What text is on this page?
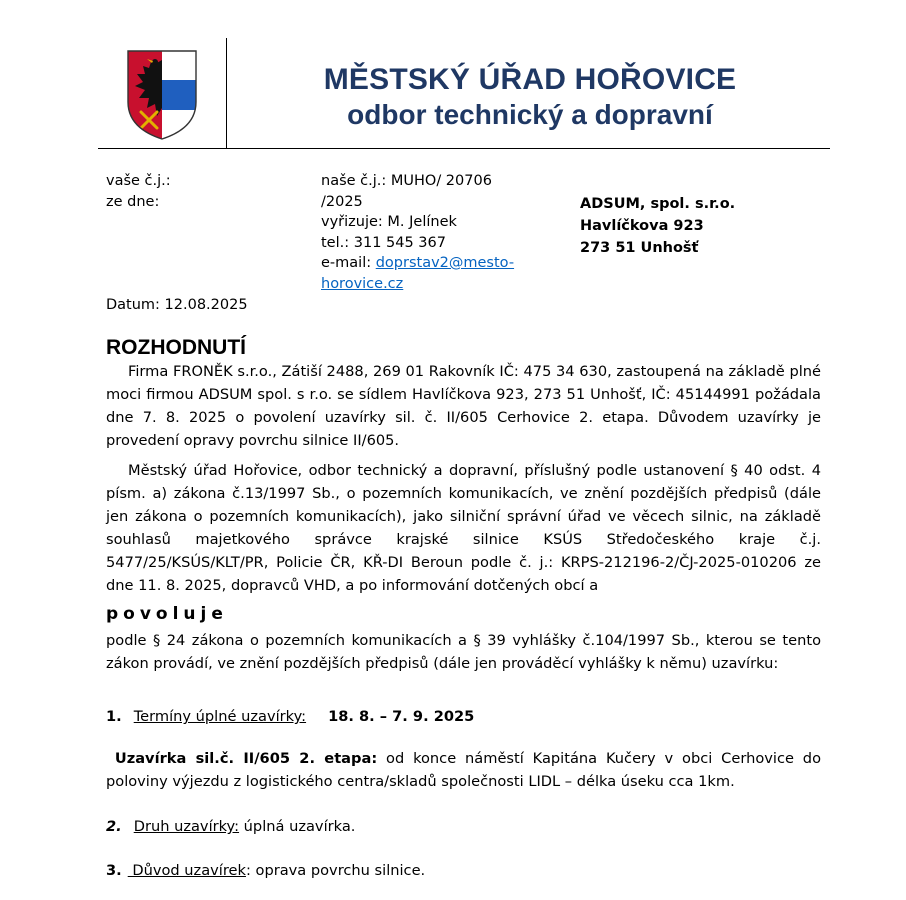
MĚSTSKÝ ÚŘAD HOŘOVICE
odbor technický a dopravní
vaše č.j.:
ze dne:
naše č.j.: MUHO/ 20706 /2025
vyřizuje: M. Jelínek
tel.: 311 545 367
e-mail: doprstav2@mesto-
horovice.cz
ADSUM, spol. s.r.o.
Havlíčkova 923
273 51 Unhošť
Datum: 12.08.2025
ROZHODNUTÍ
Firma FRONĚK s.r.o., Zátiší 2488, 269 01 Rakovník IČ: 475 34 630, zastoupená na základě plné moci firmou ADSUM spol. s r.o. se sídlem Havlíčkova 923, 273 51 Unhošť, IČ: 45144991 požádala dne 7. 8. 2025 o povolení uzavírky sil. č. II/605 Cerhovice 2. etapa. Důvodem uzavírky je provedení opravy povrchu silnice II/605.
Městský úřad Hořovice, odbor technický a dopravní, příslušný podle ustanovení § 40 odst. 4 písm. a) zákona č.13/1997 Sb., o pozemních komunikacích, ve znění pozdějších předpisů (dále jen zákona o pozemních komunikacích), jako silniční správní úřad ve věcech silnic, na základě souhlasů majetkového správce krajské silnice KSÚS Středočeského kraje č.j. 5477/25/KSÚS/KLT/PR, Policie ČR, KŘ-DI Beroun podle č. j.: KRPS-212196-2/ČJ-2025-010206 ze dne 11. 8. 2025, dopravců VHD, a po informování dotčených obcí a
povoluje
podle § 24 zákona o pozemních komunikacích a § 39 vyhlášky č.104/1997 Sb., kterou se tento zákon provádí, ve znění pozdějších předpisů (dále jen prováděcí vyhlášky k němu) uzavírku:
1. Termíny úplné uzavírky: 18. 8. – 7. 9. 2025
Uzavírka sil.č. II/605 2. etapa: od konce náměstí Kapitána Kučery v obci Cerhovice do poloviny výjezdu z logistického centra/skladů společnosti LIDL – délka úseku cca 1km.
2. Druh uzavírky: úplná uzavírka.
3. Důvod uzavírek: oprava povrchu silnice.
